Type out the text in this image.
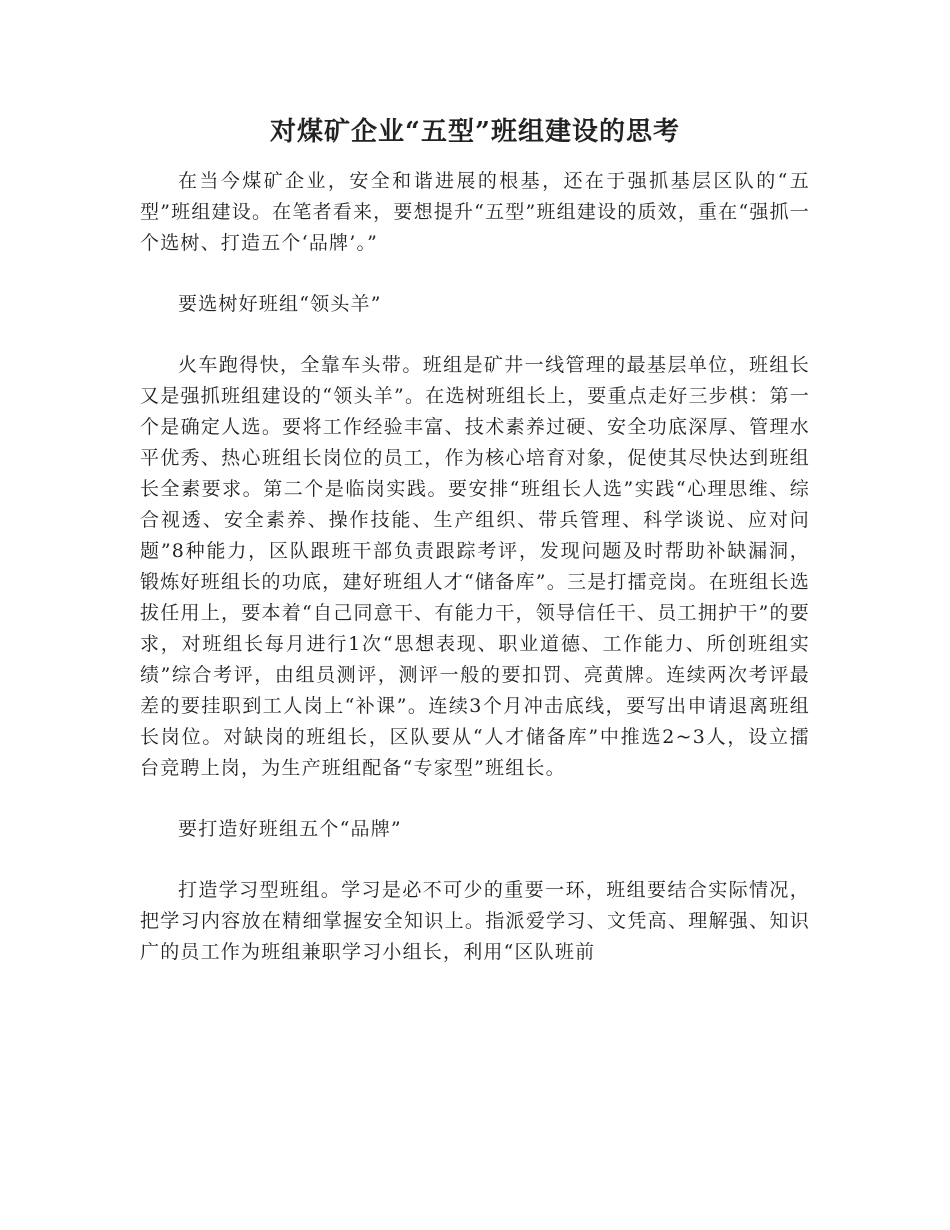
对煤矿企业“五型”班组建设的思考

在当今煤矿企业，安全和谐进展的根基，还在于强抓基层区队的“五型”班组建设。在笔者看来，要想提升“五型”班组建设的质效，重在“强抓一个选树、打造五个‘品牌’。”

要选树好班组“领头羊”

火车跑得快，全靠车头带。班组是矿井一线管理的最基层单位，班组长又是强抓班组建设的“领头羊”。在选树班组长上，要重点走好三步棋：第一个是确定人选。要将工作经验丰富、技术素养过硬、安全功底深厚、管理水平优秀、热心班组长岗位的员工，作为核心培育对象，促使其尽快达到班组长全素要求。第二个是临岗实践。要安排“班组长人选”实践“心理思维、综合视透、安全素养、操作技能、生产组织、带兵管理、科学谈说、应对问题”8种能力，区队跟班干部负责跟踪考评，发现问题及时帮助补缺漏洞，锻炼好班组长的功底，建好班组人才“储备库”。三是打擂竞岗。在班组长选拔任用上，要本着“自己同意干、有能力干，领导信任干、员工拥护干”的要求，对班组长每月进行1次“思想表现、职业道德、工作能力、所创班组实绩”综合考评，由组员测评，测评一般的要扣罚、亮黄牌。连续两次考评最差的要挂职到工人岗上“补课”。连续3个月冲击底线，要写出申请退离班组长岗位。对缺岗的班组长，区队要从“人才储备库”中推选2~3人，设立擂台竞聘上岗，为生产班组配备“专家型”班组长。

要打造好班组五个“品牌”

打造学习型班组。学习是必不可少的重要一环，班组要结合实际情况，把学习内容放在精细掌握安全知识上。指派爱学习、文凭高、理解强、知识广的员工作为班组兼职学习小组长，利用“区队班前
